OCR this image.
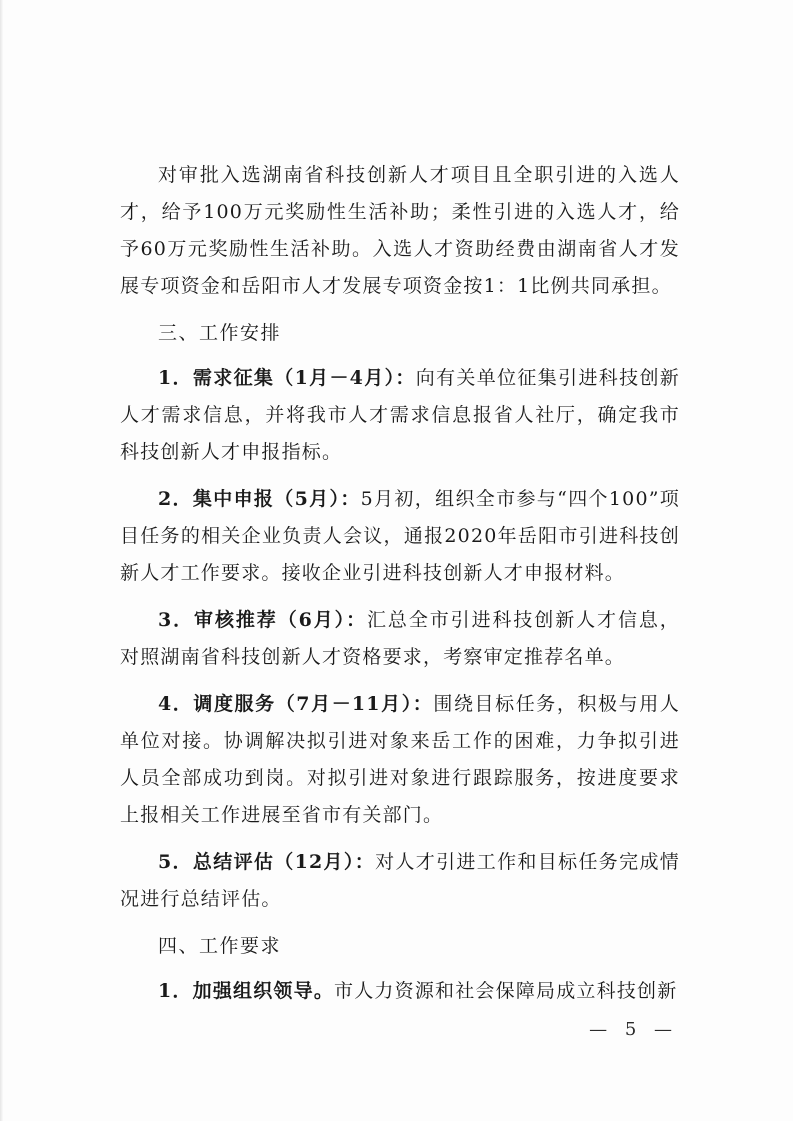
对审批入选湖南省科技创新人才项目且全职引进的入选人才，给予100万元奖励性生活补助；柔性引进的入选人才，给予60万元奖励性生活补助。入选人才资助经费由湖南省人才发展专项资金和岳阳市人才发展专项资金按1：1比例共同承担。

三、工作安排

1．需求征集（1月－4月）：向有关单位征集引进科技创新人才需求信息，并将我市人才需求信息报省人社厅，确定我市科技创新人才申报指标。

2．集中申报（5月）：5月初，组织全市参与“四个100”项目任务的相关企业负责人会议，通报2020年岳阳市引进科技创新人才工作要求。接收企业引进科技创新人才申报材料。

3．审核推荐（6月）：汇总全市引进科技创新人才信息，对照湖南省科技创新人才资格要求，考察审定推荐名单。

4．调度服务（7月－11月）：围绕目标任务，积极与用人单位对接。协调解决拟引进对象来岳工作的困难，力争拟引进人员全部成功到岗。对拟引进对象进行跟踪服务，按进度要求上报相关工作进展至省市有关部门。

5．总结评估（12月）：对人才引进工作和目标任务完成情况进行总结评估。

四、工作要求

1．加强组织领导。市人力资源和社会保障局成立科技创新

— 5 —
